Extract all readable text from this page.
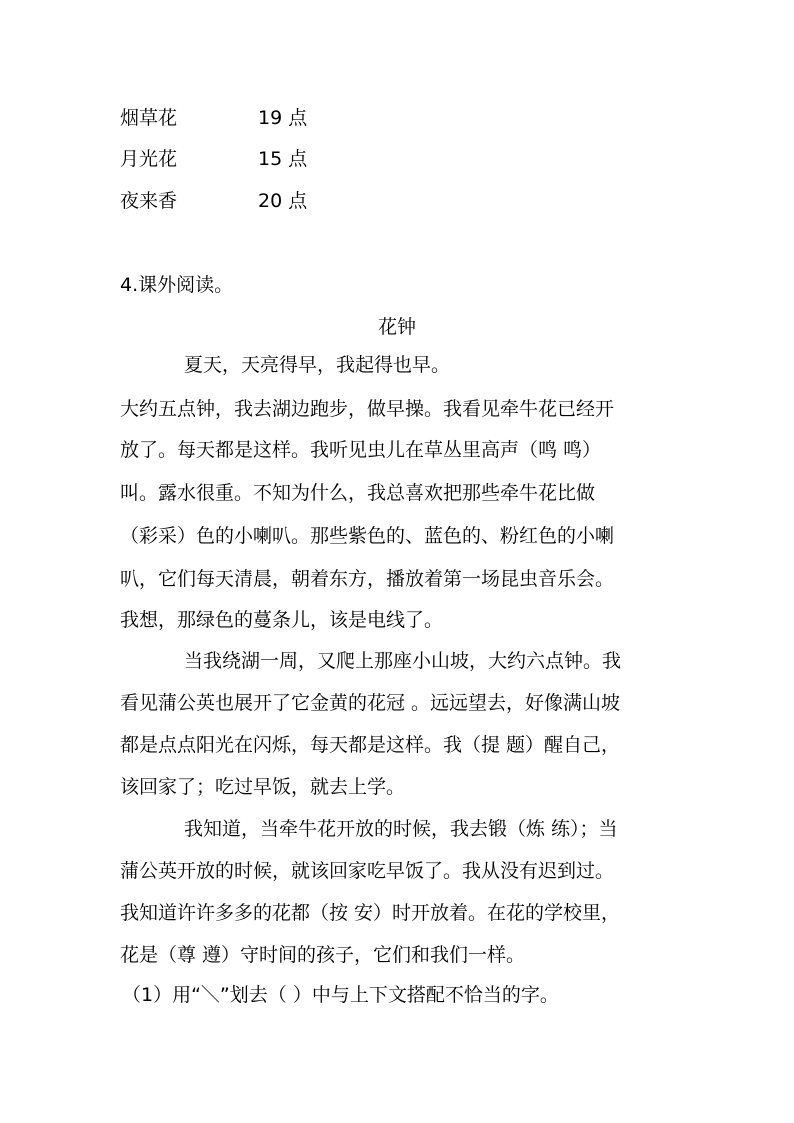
烟草花	19 点
月光花	15 点
夜来香	20 点
4.课外阅读。
花钟
夏天，天亮得早，我起得也早。
大约五点钟，我去湖边跑步，做早操。我看见牵牛花已经开
放了。每天都是这样。我听见虫儿在草丛里高声（鸣 鸣）
叫。露水很重。不知为什么，我总喜欢把那些牵牛花比做
（彩采）色的小喇叭。那些紫色的、蓝色的、粉红色的小喇
叭，它们每天清晨，朝着东方，播放着第一场昆虫音乐会。
我想，那绿色的蔓条儿，该是电线了。
当我绕湖一周，又爬上那座小山坡，大约六点钟。我
看见蒲公英也展开了它金黄的花冠 。远远望去，好像满山坡
都是点点阳光在闪烁，每天都是这样。我（提 题）醒自己，
该回家了；吃过早饭，就去上学。
我知道，当牵牛花开放的时候，我去锻（炼 练）；当
蒲公英开放的时候，就该回家吃早饭了。我从没有迟到过。
我知道许许多多的花都（按 安）时开放着。在花的学校里，
花是（尊 遵）守时间的孩子，它们和我们一样。
（1）用“＼”划去（ ）中与上下文搭配不恰当的字。
